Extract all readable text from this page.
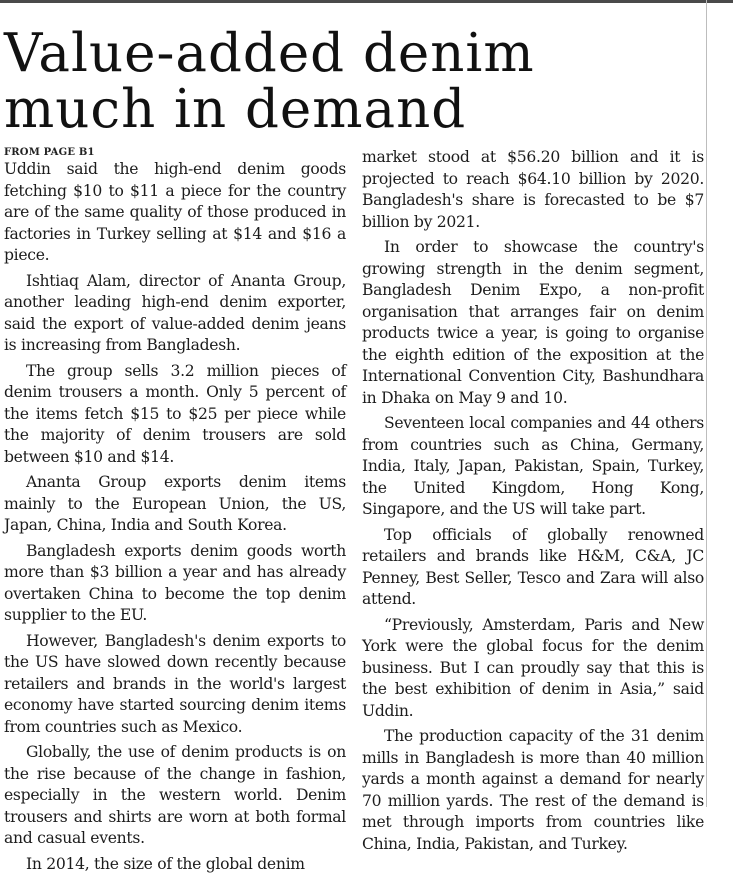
Value-added denim
much in demand
FROM PAGE B1

Uddin said the high-end denim goods fetching $10 to $11 a piece for the country are of the same quality of those produced in factories in Turkey selling at $14 and $16 a piece.

Ishtiaq Alam, director of Ananta Group, another leading high-end denim exporter, said the export of value-added denim jeans is increasing from Bangladesh.

The group sells 3.2 million pieces of denim trousers a month. Only 5 percent of the items fetch $15 to $25 per piece while the majority of denim trousers are sold between $10 and $14.

Ananta Group exports denim items mainly to the European Union, the US, Japan, China, India and South Korea.

Bangladesh exports denim goods worth more than $3 billion a year and has already overtaken China to become the top denim supplier to the EU.

However, Bangladesh's denim exports to the US have slowed down recently because retailers and brands in the world's largest economy have started sourcing denim items from countries such as Mexico.

Globally, the use of denim products is on the rise because of the change in fashion, especially in the western world. Denim trousers and shirts are worn at both formal and casual events.

In 2014, the size of the global denim

market stood at $56.20 billion and it is projected to reach $64.10 billion by 2020. Bangladesh's share is forecasted to be $7 billion by 2021.

In order to showcase the country's growing strength in the denim segment, Bangladesh Denim Expo, a non-profit organisation that arranges fair on denim products twice a year, is going to organise the eighth edition of the exposition at the International Convention City, Bashundhara in Dhaka on May 9 and 10.

Seventeen local companies and 44 others from countries such as China, Germany, India, Italy, Japan, Pakistan, Spain, Turkey, the United Kingdom, Hong Kong, Singapore, and the US will take part.

Top officials of globally renowned retailers and brands like H&M, C&A, JC Penney, Best Seller, Tesco and Zara will also attend.

“Previously, Amsterdam, Paris and New York were the global focus for the denim business. But I can proudly say that this is the best exhibition of denim in Asia,” said Uddin.

The production capacity of the 31 denim mills in Bangladesh is more than 40 million yards a month against a demand for nearly 70 million yards. The rest of the demand is met through imports from countries like China, India, Pakistan, and Turkey.
